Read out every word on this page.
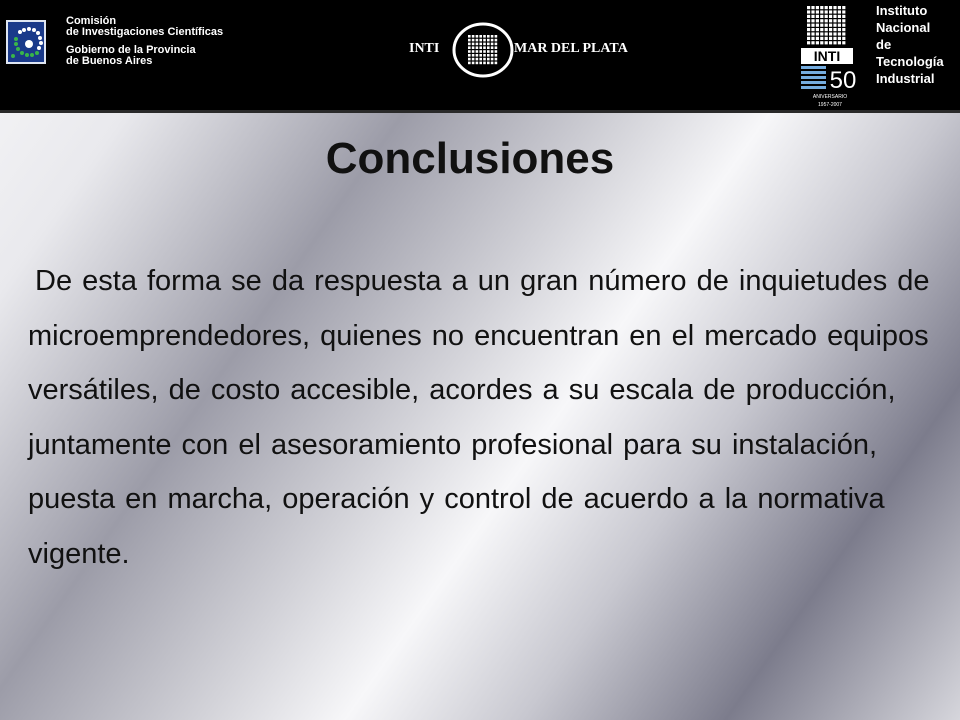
Comisión
de Investigaciones Científicas
Gobierno de la Provincia
de Buenos Aires
INTI	MAR DEL PLATA	INTI
50
ANIVERSARIO
1957-2007
Instituto
Nacional
de Tecnología
Industrial
Conclusiones
De esta forma se da respuesta a un gran número de inquietudes de microemprendedores, quienes no encuentran en el mercado equipos versátiles, de costo accesible, acordes a su escala de producción, juntamente con el asesoramiento profesional para su instalación, puesta en marcha, operación y control de acuerdo a la normativa vigente.
